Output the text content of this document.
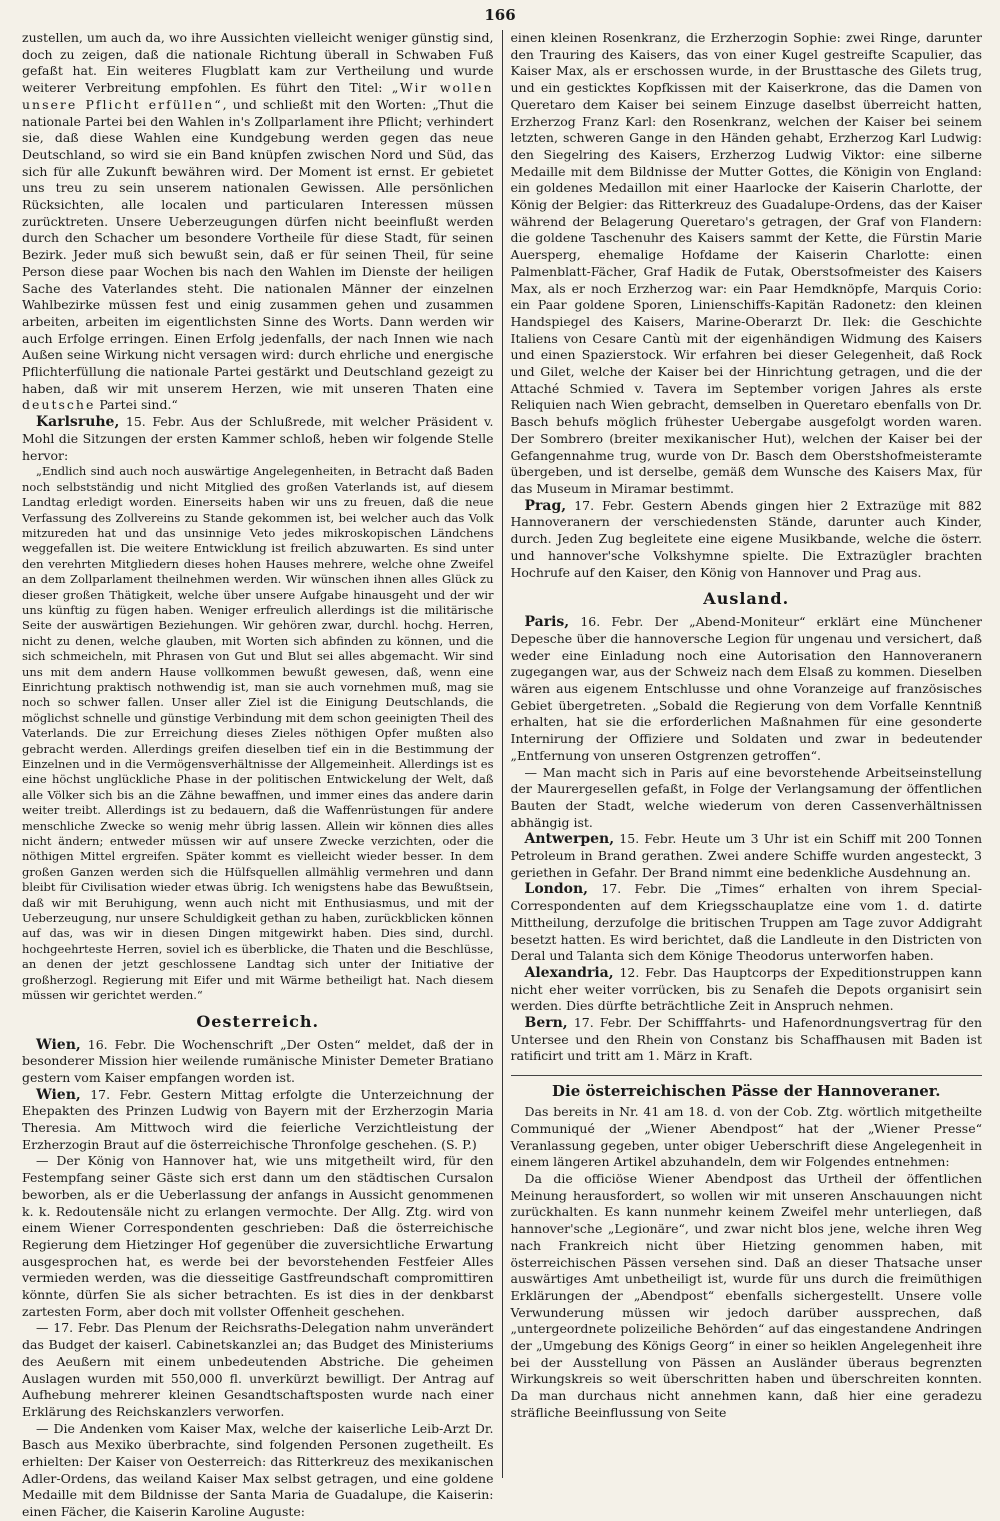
166

zustellen, um auch da, wo ihre Aussichten vielleicht weniger günstig sind, doch zu zeigen, daß die nationale Richtung überall in Schwaben Fuß gefaßt hat. Ein weiteres Flugblatt kam zur Vertheilung und wurde weiterer Verbreitung empfohlen. Es führt den Titel: „Wir wollen unsere Pflicht erfüllen“, und schließt mit den Worten: „Thut die nationale Partei bei den Wahlen in's Zollparlament ihre Pflicht; verhindert sie, daß diese Wahlen eine Kundgebung werden gegen das neue Deutschland, so wird sie ein Band knüpfen zwischen Nord und Süd, das sich für alle Zukunft bewähren wird. Der Moment ist ernst. Er gebietet uns treu zu sein unserem nationalen Gewissen. Alle persönlichen Rücksichten, alle localen und particularen Interessen müssen zurücktreten. Unsere Ueberzeugungen dürfen nicht beeinflußt werden durch den Schacher um besondere Vortheile für diese Stadt, für seinen Bezirk. Jeder muß sich bewußt sein, daß er für seinen Theil, für seine Person diese paar Wochen bis nach den Wahlen im Dienste der heiligen Sache des Vaterlandes steht. Die nationalen Männer der einzelnen Wahlbezirke müssen fest und einig zusammen gehen und zusammen arbeiten, arbeiten im eigentlichsten Sinne des Worts. Dann werden wir auch Erfolge erringen. Einen Erfolg jedenfalls, der nach Innen wie nach Außen seine Wirkung nicht versagen wird: durch ehrliche und energische Pflichterfüllung die nationale Partei gestärkt und Deutschland gezeigt zu haben, daß wir mit unserem Herzen, wie mit unseren Thaten eine deutsche Partei sind.“

Karlsruhe, 15. Febr. Aus der Schlußrede, mit welcher Präsident v. Mohl die Sitzungen der ersten Kammer schloß, heben wir folgende Stelle hervor:

„Endlich sind auch noch auswärtige Angelegenheiten, in Betracht daß Baden noch selbstständig und nicht Mitglied des großen Vaterlands ist, auf diesem Landtag erledigt worden. Einerseits haben wir uns zu freuen, daß die neue Verfassung des Zollvereins zu Stande gekommen ist, bei welcher auch das Volk mitzureden hat und das unsinnige Veto jedes mikroskopischen Ländchens weggefallen ist. Die weitere Entwicklung ist freilich abzuwarten. Es sind unter den verehrten Mitgliedern dieses hohen Hauses mehrere, welche ohne Zweifel an dem Zollparlament theilnehmen werden. Wir wünschen ihnen alles Glück zu dieser großen Thätigkeit, welche über unsere Aufgabe hinausgeht und der wir uns künftig zu fügen haben. Weniger erfreulich allerdings ist die militärische Seite der auswärtigen Beziehungen. Wir gehören zwar, durchl. hochg. Herren, nicht zu denen, welche glauben, mit Worten sich abfinden zu können, und die sich schmeicheln, mit Phrasen von Gut und Blut sei alles abgemacht. Wir sind uns mit dem andern Hause vollkommen bewußt gewesen, daß, wenn eine Einrichtung praktisch nothwendig ist, man sie auch vornehmen muß, mag sie noch so schwer fallen. Unser aller Ziel ist die Einigung Deutschlands, die möglichst schnelle und günstige Verbindung mit dem schon geeinigten Theil des Vaterlands. Die zur Erreichung dieses Zieles nöthigen Opfer mußten also gebracht werden. Allerdings greifen dieselben tief ein in die Bestimmung der Einzelnen und in die Vermögensverhältnisse der Allgemeinheit. Allerdings ist es eine höchst unglückliche Phase in der politischen Entwickelung der Welt, daß alle Völker sich bis an die Zähne bewaffnen, und immer eines das andere darin weiter treibt. Allerdings ist zu bedauern, daß die Waffenrüstungen für andere menschliche Zwecke so wenig mehr übrig lassen. Allein wir können dies alles nicht ändern; entweder müssen wir auf unsere Zwecke verzichten, oder die nöthigen Mittel ergreifen. Später kommt es vielleicht wieder besser. In dem großen Ganzen werden sich die Hülfsquellen allmählig vermehren und dann bleibt für Civilisation wieder etwas übrig. Ich wenigstens habe das Bewußtsein, daß wir mit Beruhigung, wenn auch nicht mit Enthusiasmus, und mit der Ueberzeugung, nur unsere Schuldigkeit gethan zu haben, zurückblicken können auf das, was wir in diesen Dingen mitgewirkt haben. Dies sind, durchl. hochgeehrteste Herren, soviel ich es überblicke, die Thaten und die Beschlüsse, an denen der jetzt geschlossene Landtag sich unter der Initiative der großherzogl. Regierung mit Eifer und mit Wärme betheiligt hat. Nach diesem müssen wir gerichtet werden.“

Oesterreich.

Wien, 16. Febr. Die Wochenschrift „Der Osten“ meldet, daß der in besonderer Mission hier weilende rumänische Minister Demeter Bratiano gestern vom Kaiser empfangen worden ist.

Wien, 17. Febr. Gestern Mittag erfolgte die Unterzeichnung der Ehepakten des Prinzen Ludwig von Bayern mit der Erzherzogin Maria Theresia. Am Mittwoch wird die feierliche Verzichtleistung der Erzherzogin Braut auf die österreichische Thronfolge geschehen. (S. P.)

— Der König von Hannover hat, wie uns mitgetheilt wird, für den Festempfang seiner Gäste sich erst dann um den städtischen Cursalon beworben, als er die Ueberlassung der anfangs in Aussicht genommenen k. k. Redoutensäle nicht zu erlangen vermochte. Der Allg. Ztg. wird von einem Wiener Correspondenten geschrieben: Daß die österreichische Regierung dem Hietzinger Hof gegenüber die zuversichtliche Erwartung ausgesprochen hat, es werde bei der bevorstehenden Festfeier Alles vermieden werden, was die diesseitige Gastfreundschaft compromittiren könnte, dürfen Sie als sicher betrachten. Es ist dies in der denkbarst zartesten Form, aber doch mit vollster Offenheit geschehen.

— 17. Febr. Das Plenum der Reichsraths-Delegation nahm unverändert das Budget der kaiserl. Cabinetskanzlei an; das Budget des Ministeriums des Aeußern mit einem unbedeutenden Abstriche. Die geheimen Auslagen wurden mit 550,000 fl. unverkürzt bewilligt. Der Antrag auf Aufhebung mehrerer kleinen Gesandtschaftsposten wurde nach einer Erklärung des Reichskanzlers verworfen.

— Die Andenken vom Kaiser Max, welche der kaiserliche Leib-Arzt Dr. Basch aus Mexiko überbrachte, sind folgenden Personen zugetheilt. Es erhielten: Der Kaiser von Oesterreich: das Ritterkreuz des mexikanischen Adler-Ordens, das weiland Kaiser Max selbst getragen, und eine goldene Medaille mit dem Bildnisse der Santa Maria de Guadalupe, die Kaiserin: einen Fächer, die Kaiserin Karoline Auguste:

einen kleinen Rosenkranz, die Erzherzogin Sophie: zwei Ringe, darunter den Trauring des Kaisers, das von einer Kugel gestreifte Scapulier, das Kaiser Max, als er erschossen wurde, in der Brusttasche des Gilets trug, und ein gesticktes Kopfkissen mit der Kaiserkrone, das die Damen von Queretaro dem Kaiser bei seinem Einzuge daselbst überreicht hatten, Erzherzog Franz Karl: den Rosenkranz, welchen der Kaiser bei seinem letzten, schweren Gange in den Händen gehabt, Erzherzog Karl Ludwig: den Siegelring des Kaisers, Erzherzog Ludwig Viktor: eine silberne Medaille mit dem Bildnisse der Mutter Gottes, die Königin von England: ein goldenes Medaillon mit einer Haarlocke der Kaiserin Charlotte, der König der Belgier: das Ritterkreuz des Guadalupe-Ordens, das der Kaiser während der Belagerung Queretaro's getragen, der Graf von Flandern: die goldene Taschenuhr des Kaisers sammt der Kette, die Fürstin Marie Auersperg, ehemalige Hofdame der Kaiserin Charlotte: einen Palmenblatt-Fächer, Graf Hadik de Futak, Oberstsofmeister des Kaisers Max, als er noch Erzherzog war: ein Paar Hemdknöpfe, Marquis Corio: ein Paar goldene Sporen, Linienschiffs-Kapitän Radonetz: den kleinen Handspiegel des Kaisers, Marine-Oberarzt Dr. Ilek: die Geschichte Italiens von Cesare Cantù mit der eigenhändigen Widmung des Kaisers und einen Spazierstock. Wir erfahren bei dieser Gelegenheit, daß Rock und Gilet, welche der Kaiser bei der Hinrichtung getragen, und die der Attaché Schmied v. Tavera im September vorigen Jahres als erste Reliquien nach Wien gebracht, demselben in Queretaro ebenfalls von Dr. Basch behufs möglich frühester Uebergabe ausgefolgt worden waren. Der Sombrero (breiter mexikanischer Hut), welchen der Kaiser bei der Gefangennahme trug, wurde von Dr. Basch dem Oberstshofmeisteramte übergeben, und ist derselbe, gemäß dem Wunsche des Kaisers Max, für das Museum in Miramar bestimmt.

Prag, 17. Febr. Gestern Abends gingen hier 2 Extrazüge mit 882 Hannoveranern der verschiedensten Stände, darunter auch Kinder, durch. Jeden Zug begleitete eine eigene Musikbande, welche die österr. und hannover'sche Volkshymne spielte. Die Extrazügler brachten Hochrufe auf den Kaiser, den König von Hannover und Prag aus.

Ausland.

Paris, 16. Febr. Der „Abend-Moniteur“ erklärt eine Münchener Depesche über die hannoversche Legion für ungenau und versichert, daß weder eine Einladung noch eine Autorisation den Hannoveranern zugegangen war, aus der Schweiz nach dem Elsaß zu kommen. Dieselben wären aus eigenem Entschlusse und ohne Voranzeige auf französisches Gebiet übergetreten. „Sobald die Regierung von dem Vorfalle Kenntniß erhalten, hat sie die erforderlichen Maßnahmen für eine gesonderte Internirung der Offiziere und Soldaten und zwar in bedeutender „Entfernung von unseren Ostgrenzen getroffen“.

— Man macht sich in Paris auf eine bevorstehende Arbeitseinstellung der Maurergesellen gefaßt, in Folge der Verlangsamung der öffentlichen Bauten der Stadt, welche wiederum von deren Cassenverhältnissen abhängig ist.

Antwerpen, 15. Febr. Heute um 3 Uhr ist ein Schiff mit 200 Tonnen Petroleum in Brand gerathen. Zwei andere Schiffe wurden angesteckt, 3 geriethen in Gefahr. Der Brand nimmt eine bedenkliche Ausdehnung an.

London, 17. Febr. Die „Times“ erhalten von ihrem Special-Correspondenten auf dem Kriegsschauplatze eine vom 1. d. datirte Mittheilung, derzufolge die britischen Truppen am Tage zuvor Addigraht besetzt hatten. Es wird berichtet, daß die Landleute in den Districten von Deral und Talanta sich dem Könige Theodorus unterworfen haben.

Alexandria, 12. Febr. Das Hauptcorps der Expeditionstruppen kann nicht eher weiter vorrücken, bis zu Senafeh die Depots organisirt sein werden. Dies dürfte beträchtliche Zeit in Anspruch nehmen.

Bern, 17. Febr. Der Schifffahrts- und Hafenordnungsvertrag für den Untersee und den Rhein von Constanz bis Schaffhausen mit Baden ist ratificirt und tritt am 1. März in Kraft.

Die österreichischen Pässe der Hannoveraner.

Das bereits in Nr. 41 am 18. d. von der Cob. Ztg. wörtlich mitgetheilte Communiqué der „Wiener Abendpost“ hat der „Wiener Presse“ Veranlassung gegeben, unter obiger Ueberschrift diese Angelegenheit in einem längeren Artikel abzuhandeln, dem wir Folgendes entnehmen:

Da die officiöse Wiener Abendpost das Urtheil der öffentlichen Meinung herausfordert, so wollen wir mit unseren Anschauungen nicht zurückhalten. Es kann nunmehr keinem Zweifel mehr unterliegen, daß hannover'sche „Legionäre“, und zwar nicht blos jene, welche ihren Weg nach Frankreich nicht über Hietzing genommen haben, mit österreichischen Pässen versehen sind. Daß an dieser Thatsache unser auswärtiges Amt unbetheiligt ist, wurde für uns durch die freimüthigen Erklärungen der „Abendpost“ ebenfalls sichergestellt. Unsere volle Verwunderung müssen wir jedoch darüber aussprechen, daß „untergeordnete polizeiliche Behörden“ auf das eingestandene Andringen der „Umgebung des Königs Georg“ in einer so heiklen Angelegenheit ihre bei der Ausstellung von Pässen an Ausländer überaus begrenzten Wirkungskreis so weit überschritten haben und überschreiten konnten. Da man durchaus nicht annehmen kann, daß hier eine geradezu sträfliche Beeinflussung von Seite
